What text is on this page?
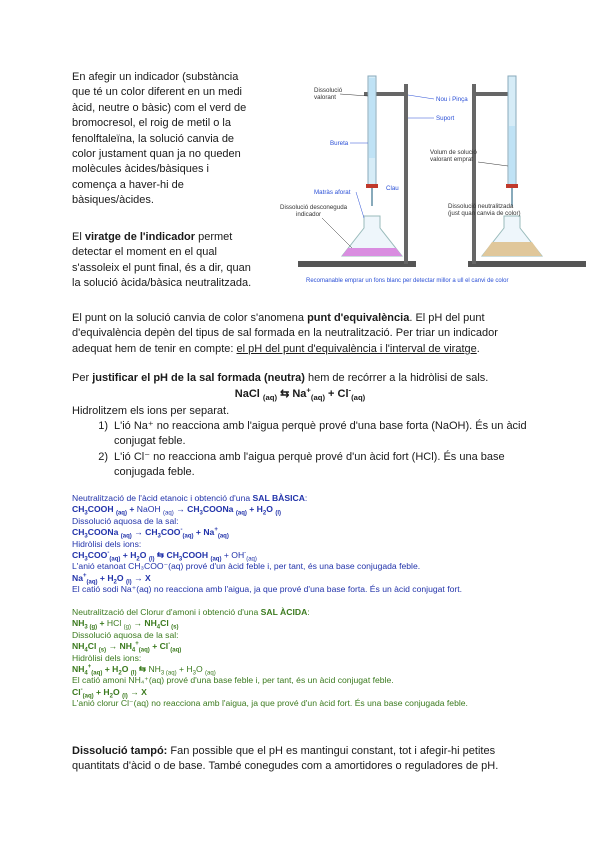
En afegir un indicador (substància
que té un color diferent en un medi
àcid, neutre o bàsic) com el verd de
bromocresol, el roig de metil o la
fenolftaleïna, la solució canvia de
color justament quan ja no queden
molècules àcides/bàsiques i
comença a haver-hi de
bàsiques/àcides.
El viratge de l'indicador permet
detectar el moment en el qual
s'assoleix el punt final, és a dir, quan
la solució àcida/bàsica neutralitzada.
Dissolució valorant	Nou i Pinça
Suport
Bureta
Volum de solució valorant emprat
Clau
Matràs aforat
Dissolució desconeguda indicador
Dissolució neutralitzada (just quan canvia de color)
Recomanable emprar un fons blanc per detectar millor a ull el canvi de color
El punt on la solució canvia de color s'anomena punt d'equivalència. El pH del punt d'equivalència depèn del tipus de sal formada en la neutralització. Per triar un indicador adequat hem de tenir en compte: el pH del punt d'equivalència i l'interval de viratge.
Per justificar el pH de la sal formada (neutra) hem de recórrer a la hidròlisi de sals.
NaCl $_{(aq)}$ ⇆ $Na^+_{(aq)} + Cl^-_{(aq)}$
Hidrolitzem els ions per separat.
1) L'ió Na⁺ no reacciona amb l'aigua perquè prové d'una base forta (NaOH). És un àcid conjugat feble.
2) L'ió Cl⁻ no reacciona amb l'aigua perquè prové d'un àcid fort (HCl). És una base conjugada feble.
Neutralització de l'àcid etanoic i obtenció d'una SAL BÀSICA:
$CH_3COOH$ $_{(aq)}$ + NaOH $_{(aq)} \to CH_3COONa$ $_{(aq)} + H_2O$ $_{(l)}$
Dissolució aquosa de la sal:
$CH_3COONa$ $_{(aq)} \to CH_3COO^-_{(aq)} + Na^+_{(aq)}$
Hidròlisi dels ions:
$CH_3COO^-_{(aq)} + H_2O$ $_{(l)}$ ⇆ $CH_3COOH$ $_{(aq)} + OH^-_{(aq)}$
L'anió etanoat CH₃COO⁻(aq) prové d'un àcid feble i, per tant, és una base conjugada feble.
$Na^+_{(aq)} + H_2O$ $_{(l)}$ → X
El catió sodi Na⁺(aq) no reacciona amb l'aigua, ja que prové d'una base forta. És un àcid conjugat fort.
Neutralització del Clorur d'amoni i obtenció d'una SAL ÀCIDA:
$NH_{3 (g)}$ + HCl $_{(g)} \to NH_4Cl$ $_{(s)}$
Dissolució aquosa de la sal:
$NH_4Cl$ $_{(s)} \to NH_4^+_{(aq)} + Cl^-_{(aq)}$
Hidròlisi dels ions:
$NH_4^+_{(aq)} + H_2O$ $_{(l)}$ ⇆ $NH_{3 (aq)} + H_3O$ $_{(aq)}$
El catió amoni NH₄⁺(aq) prové d'una base feble i, per tant, és un àcid conjugat feble.
$Cl^-_{(aq)} + H_2O$ $_{(l)}$ → X
L'anió clorur Cl⁻(aq) no reacciona amb l'aigua, ja que prové d'un àcid fort. És una base conjugada feble.
Dissolució tampó: Fan possible que el pH es mantingui constant, tot i afegir-hi petites quantitats d'àcid o de base. També conegudes com a amortidores o reguladores de pH.
